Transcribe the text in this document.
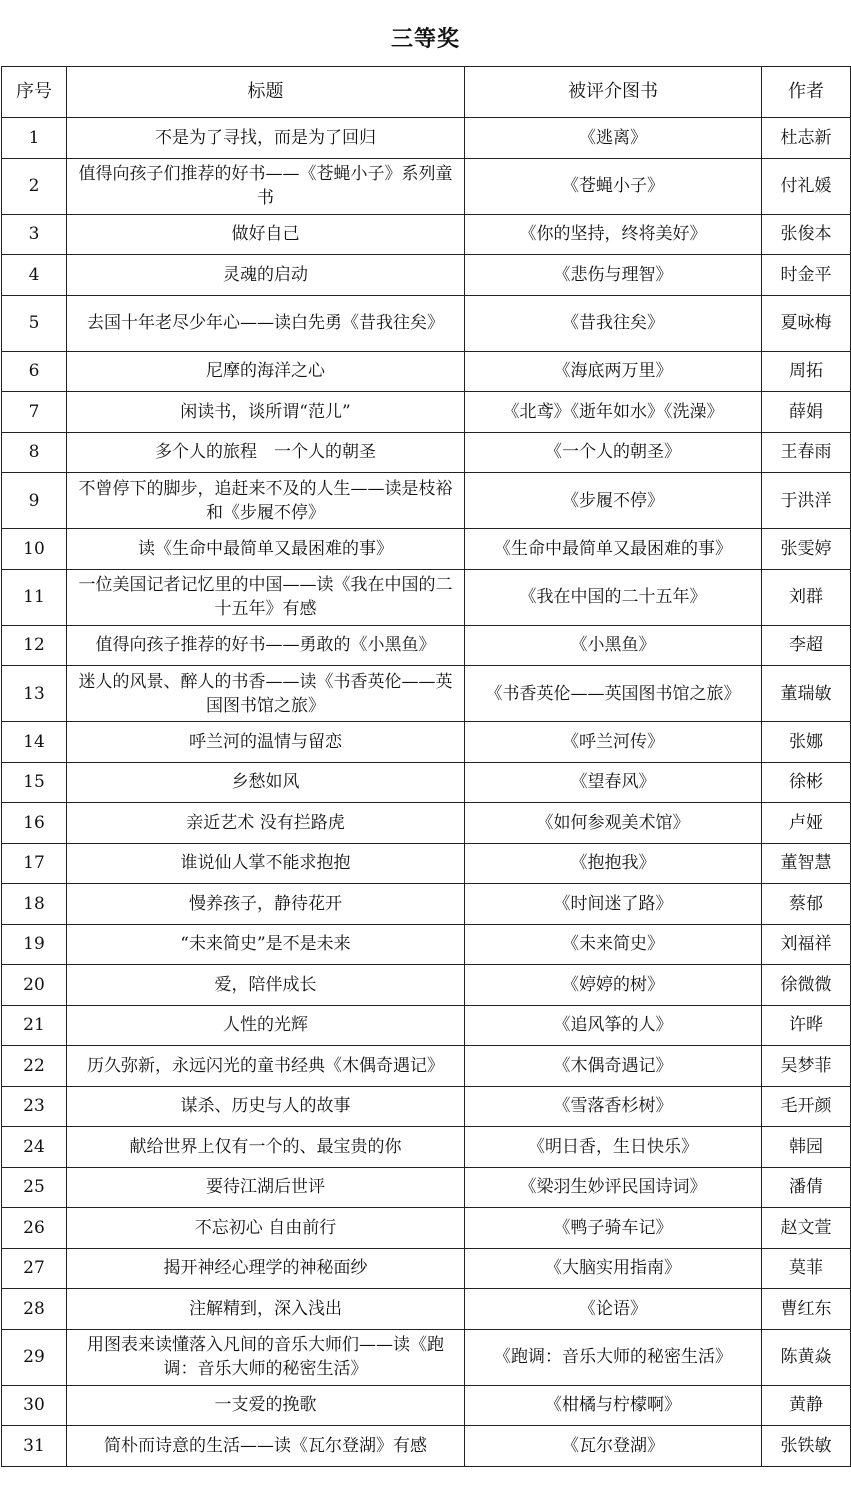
三等奖
序号	标题	被评介图书	作者
1	不是为了寻找，而是为了回归	《逃离》	杜志新
2	值得向孩子们推荐的好书——《苍蝇小子》系列童书	《苍蝇小子》	付礼媛
3	做好自己	《你的坚持，终将美好》	张俊本
4	灵魂的启动	《悲伤与理智》	时金平
5	去国十年老尽少年心——读白先勇《昔我往矣》	《昔我往矣》	夏咏梅
6	尼摩的海洋之心	《海底两万里》	周拓
7	闲读书，谈所谓“范儿”	《北鸢》《逝年如水》《洗澡》	薛娟
8	多个人的旅程　一个人的朝圣	《一个人的朝圣》	王春雨
9	不曾停下的脚步，追赶来不及的人生——读是枝裕和《步履不停》	《步履不停》	于洪洋
10	读《生命中最简单又最困难的事》	《生命中最简单又最困难的事》	张雯婷
11	一位美国记者记忆里的中国——读《我在中国的二十五年》有感	《我在中国的二十五年》	刘群
12	值得向孩子推荐的好书——勇敢的《小黑鱼》	《小黑鱼》	李超
13	迷人的风景、醉人的书香——读《书香英伦——英国图书馆之旅》	《书香英伦——英国图书馆之旅》	董瑞敏
14	呼兰河的温情与留恋	《呼兰河传》	张娜
15	乡愁如风	《望春风》	徐彬
16	亲近艺术 没有拦路虎	《如何参观美术馆》	卢娅
17	谁说仙人掌不能求抱抱	《抱抱我》	董智慧
18	慢养孩子，静待花开	《时间迷了路》	蔡郁
19	“未来简史”是不是未来	《未来简史》	刘福祥
20	爱，陪伴成长	《婷婷的树》	徐微微
21	人性的光辉	《追风筝的人》	许晔
22	历久弥新，永远闪光的童书经典《木偶奇遇记》	《木偶奇遇记》	吴梦菲
23	谋杀、历史与人的故事	《雪落香杉树》	毛开颜
24	献给世界上仅有一个的、最宝贵的你	《明日香，生日快乐》	韩园
25	要待江湖后世评	《梁羽生妙评民国诗词》	潘倩
26	不忘初心 自由前行	《鸭子骑车记》	赵文萱
27	揭开神经心理学的神秘面纱	《大脑实用指南》	莫菲
28	注解精到，深入浅出	《论语》	曹红东
29	用图表来读懂落入凡间的音乐大师们——读《跑调：音乐大师的秘密生活》	《跑调：音乐大师的秘密生活》	陈黄焱
30	一支爱的挽歌	《柑橘与柠檬啊》	黄静
31	简朴而诗意的生活——读《瓦尔登湖》有感	《瓦尔登湖》	张铁敏
